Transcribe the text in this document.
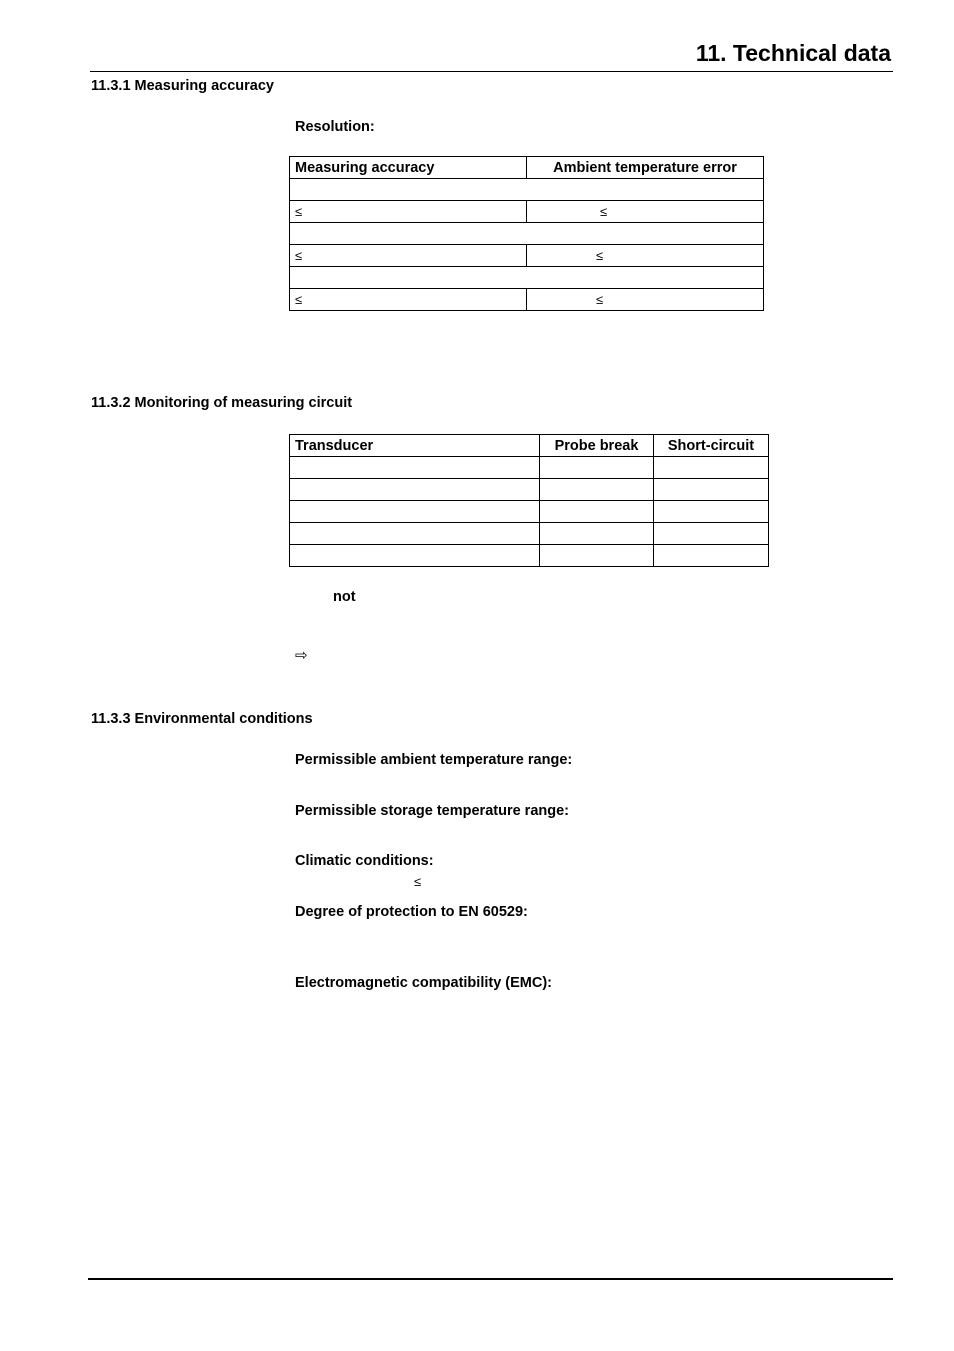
11. Technical data
11.3.1 Measuring accuracy
Resolution:
Measuring accuracy	Ambient temperature error

≤	≤

≤	≤

≤	≤
11.3.2 Monitoring of measuring circuit
Transducer	Probe break	Short-circuit

not
⇨
11.3.3 Environmental conditions
Permissible ambient temperature range:
Permissible storage temperature range:
Climatic conditions:
≤
Degree of protection to EN 60529:
Electromagnetic compatibility (EMC):
